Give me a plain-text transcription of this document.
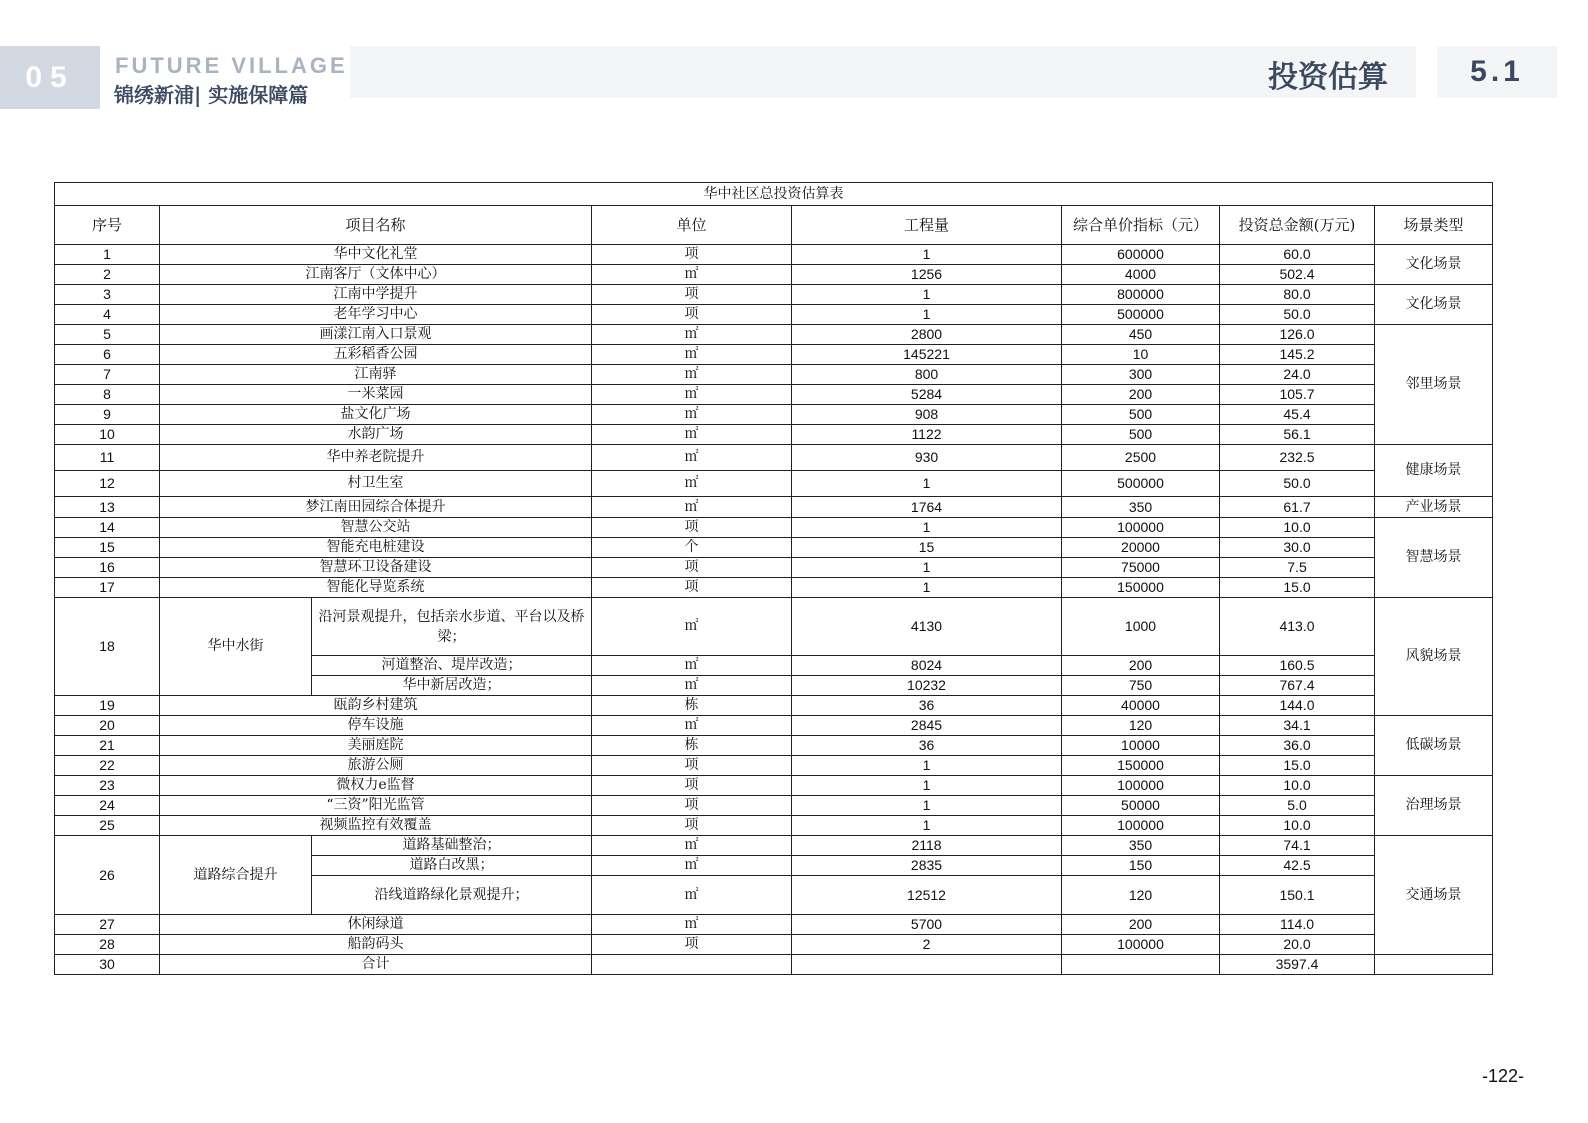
05	FUTURE VILLAGE
锦绣新浦| 实施保障篇	投资估算	5.1
华中社区总投资估算表							
序号	项目名称		单位	工程量	综合单价指标（元）	投资总金额(万元)	场景类型
1	华中文化礼堂		项	1	600000	60.0	文化场景
2	江南客厅（文体中心）		㎡	1256	4000	502.4	
3	江南中学提升		项	1	800000	80.0	文化场景
4	老年学习中心		项	1	500000	50.0	
5	画漾江南入口景观		㎡	2800	450	126.0	邻里场景
6	五彩稻香公园		㎡	145221	10	145.2	
7	江南驿		㎡	800	300	24.0	
8	一米菜园		㎡	5284	200	105.7	
9	盐文化广场		㎡	908	500	45.4	
10	水韵广场		㎡	1122	500	56.1	
11	华中养老院提升		㎡	930	2500	232.5	健康场景
12	村卫生室		㎡	1	500000	50.0	
13	梦江南田园综合体提升		㎡	1764	350	61.7	产业场景
14	智慧公交站		项	1	100000	10.0	智慧场景
15	智能充电桩建设		个	15	20000	30.0	
16	智慧环卫设备建设		项	1	75000	7.5	
17	智能化导览系统		项	1	150000	15.0	
18	华中水街	沿河景观提升，包括亲水步道、平台以及桥梁；	㎡	4130	1000	413.0	风貌场景
		河道整治、堤岸改造；	㎡	8024	200	160.5	
		华中新居改造；	㎡	10232	750	767.4	
19	瓯韵乡村建筑		栋	36	40000	144.0	
20	停车设施		㎡	2845	120	34.1	低碳场景
21	美丽庭院		栋	36	10000	36.0	
22	旅游公厕		项	1	150000	15.0	
23	微权力e监督		项	1	100000	10.0	治理场景
24	“三资”阳光监管		项	1	50000	5.0	
25	视频监控有效覆盖		项	1	100000	10.0	
26	道路综合提升	道路基础整治；	㎡	2118	350	74.1	交通场景
		道路白改黑；	㎡	2835	150	42.5	
		沿线道路绿化景观提升；	㎡	12512	120	150.1	
27	休闲绿道		㎡	5700	200	114.0	
28	船韵码头		项	2	100000	20.0	
30	合计					3597.4	
-122-
